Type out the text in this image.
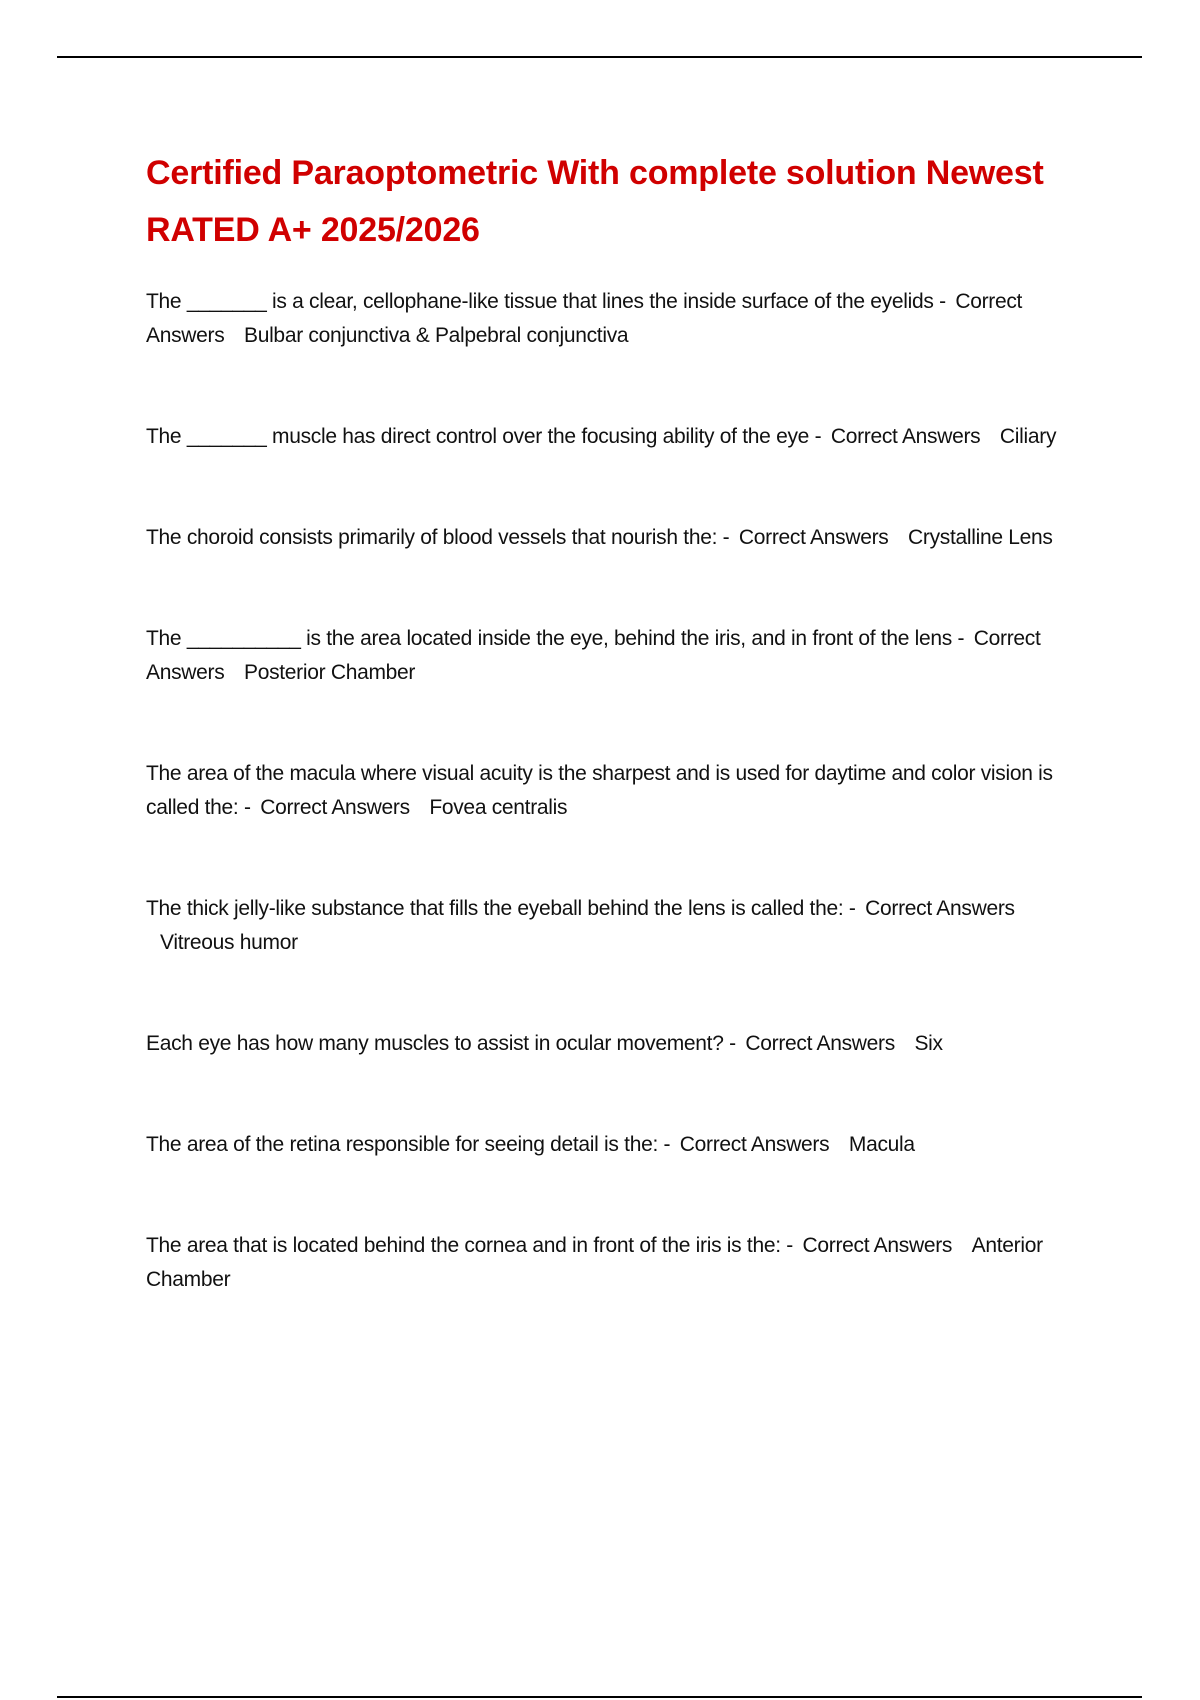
Certified Paraoptometric With complete solution Newest RATED A+ 2025/2026
The _______ is a clear, cellophane-like tissue that lines the inside surface of the eyelids - Correct Answers Bulbar conjunctiva & Palpebral conjunctiva
The _______ muscle has direct control over the focusing ability of the eye - Correct Answers Ciliary
The choroid consists primarily of blood vessels that nourish the: - Correct Answers Crystalline Lens
The __________ is the area located inside the eye, behind the iris, and in front of the lens - Correct Answers Posterior Chamber
The area of the macula where visual acuity is the sharpest and is used for daytime and color vision is called the: - Correct Answers Fovea centralis
The thick jelly-like substance that fills the eyeball behind the lens is called the: - Correct Answers Vitreous humor
Each eye has how many muscles to assist in ocular movement? - Correct Answers Six
The area of the retina responsible for seeing detail is the: - Correct Answers Macula
The area that is located behind the cornea and in front of the iris is the: - Correct Answers Anterior Chamber
